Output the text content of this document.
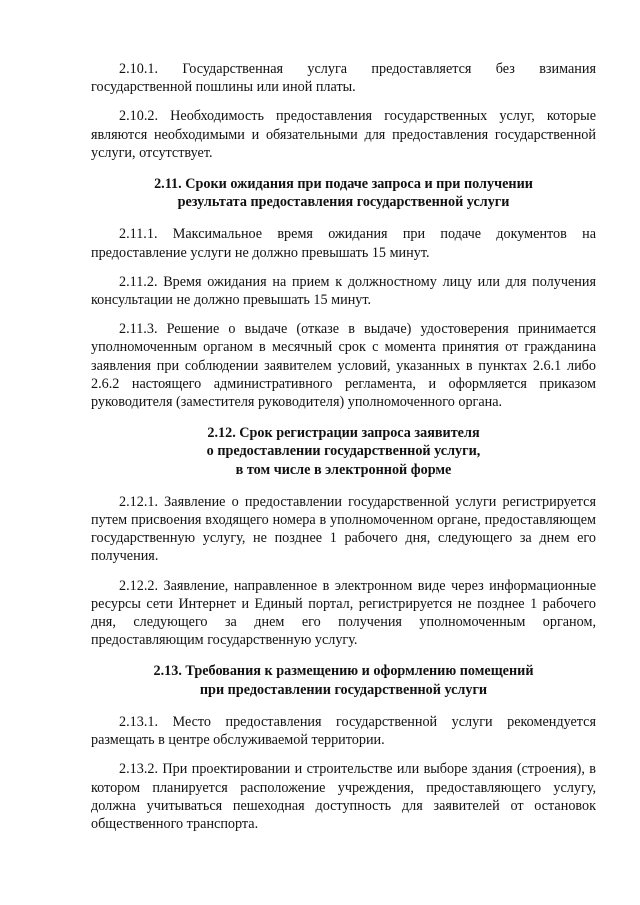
2.10.1. Государственная услуга предоставляется без взимания государственной пошлины или иной платы.

2.10.2. Необходимость предоставления государственных услуг, которые являются необходимыми и обязательными для предоставления государственной услуги, отсутствует.

2.11. Сроки ожидания при подаче запроса и при получении
результата предоставления государственной услуги

2.11.1. Максимальное время ожидания при подаче документов на предоставление услуги не должно превышать 15 минут.

2.11.2. Время ожидания на прием к должностному лицу или для получения консультации не должно превышать 15 минут.

2.11.3. Решение о выдаче (отказе в выдаче) удостоверения принимается уполномоченным органом в месячный срок с момента принятия от гражданина заявления при соблюдении заявителем условий, указанных в пунктах 2.6.1 либо 2.6.2 настоящего административного регламента, и оформляется приказом руководителя (заместителя руководителя) уполномоченного органа.

2.12. Срок регистрации запроса заявителя
о предоставлении государственной услуги,
в том числе в электронной форме

2.12.1. Заявление о предоставлении государственной услуги регистрируется путем присвоения входящего номера в уполномоченном органе, предоставляющем государственную услугу, не позднее 1 рабочего дня, следующего за днем его получения.

2.12.2. Заявление, направленное в электронном виде через информационные ресурсы сети Интернет и Единый портал, регистрируется не позднее 1 рабочего дня, следующего за днем его получения уполномоченным органом, предоставляющим государственную услугу.

2.13. Требования к размещению и оформлению помещений
при предоставлении государственной услуги

2.13.1. Место предоставления государственной услуги рекомендуется размещать в центре обслуживаемой территории.

2.13.2. При проектировании и строительстве или выборе здания (строения), в котором планируется расположение учреждения, предоставляющего услугу, должна учитываться пешеходная доступность для заявителей от остановок общественного транспорта.
